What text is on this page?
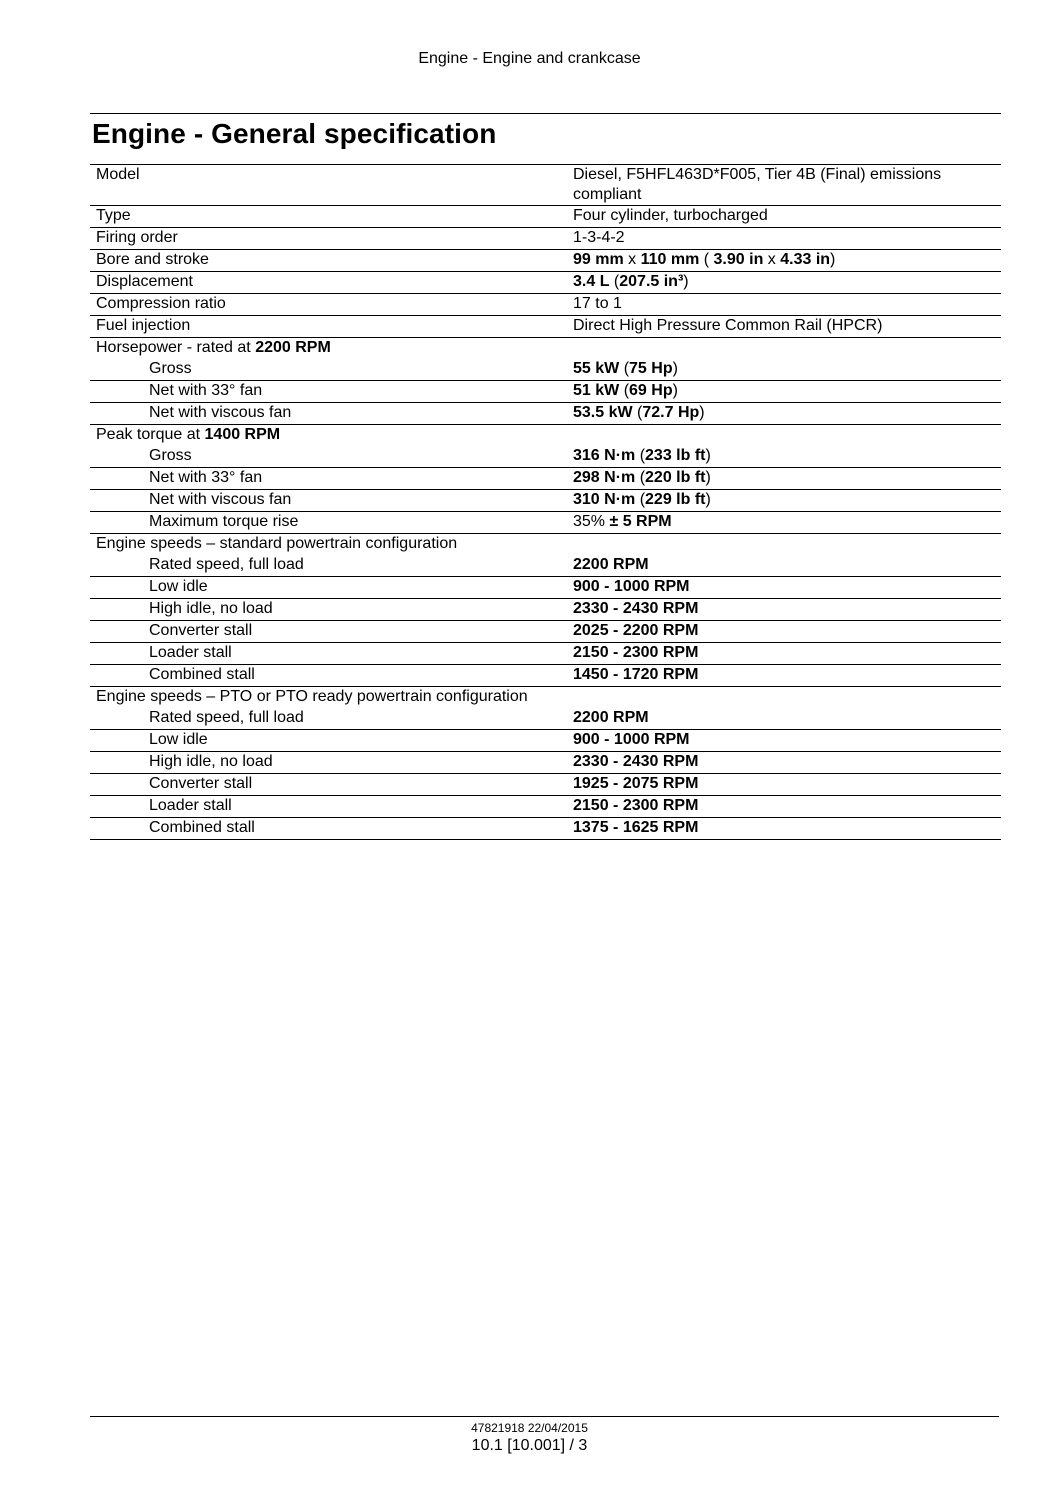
Engine - Engine and crankcase
Engine - General specification
Model	Diesel, F5HFL463D*F005, Tier 4B (Final) emissions compliant
Type	Four cylinder, turbocharged
Firing order	1-3-4-2
Bore and stroke	99 mm x 110 mm ( 3.90 in x 4.33 in)
Displacement	3.4 L (207.5 in³)
Compression ratio	17 to 1
Fuel injection	Direct High Pressure Common Rail (HPCR)
Horsepower - rated at 2200 RPM
Gross	55 kW (75 Hp)
Net with 33° fan	51 kW (69 Hp)
Net with viscous fan	53.5 kW (72.7 Hp)
Peak torque at 1400 RPM
Gross	316 N·m (233 lb ft)
Net with 33° fan	298 N·m (220 lb ft)
Net with viscous fan	310 N·m (229 lb ft)
Maximum torque rise	35% ± 5 RPM
Engine speeds – standard powertrain configuration
Rated speed, full load	2200 RPM
Low idle	900 - 1000 RPM
High idle, no load	2330 - 2430 RPM
Converter stall	2025 - 2200 RPM
Loader stall	2150 - 2300 RPM
Combined stall	1450 - 1720 RPM
Engine speeds – PTO or PTO ready powertrain configuration
Rated speed, full load	2200 RPM
Low idle	900 - 1000 RPM
High idle, no load	2330 - 2430 RPM
Converter stall	1925 - 2075 RPM
Loader stall	2150 - 2300 RPM
Combined stall	1375 - 1625 RPM
47821918 22/04/2015
10.1 [10.001] / 3
